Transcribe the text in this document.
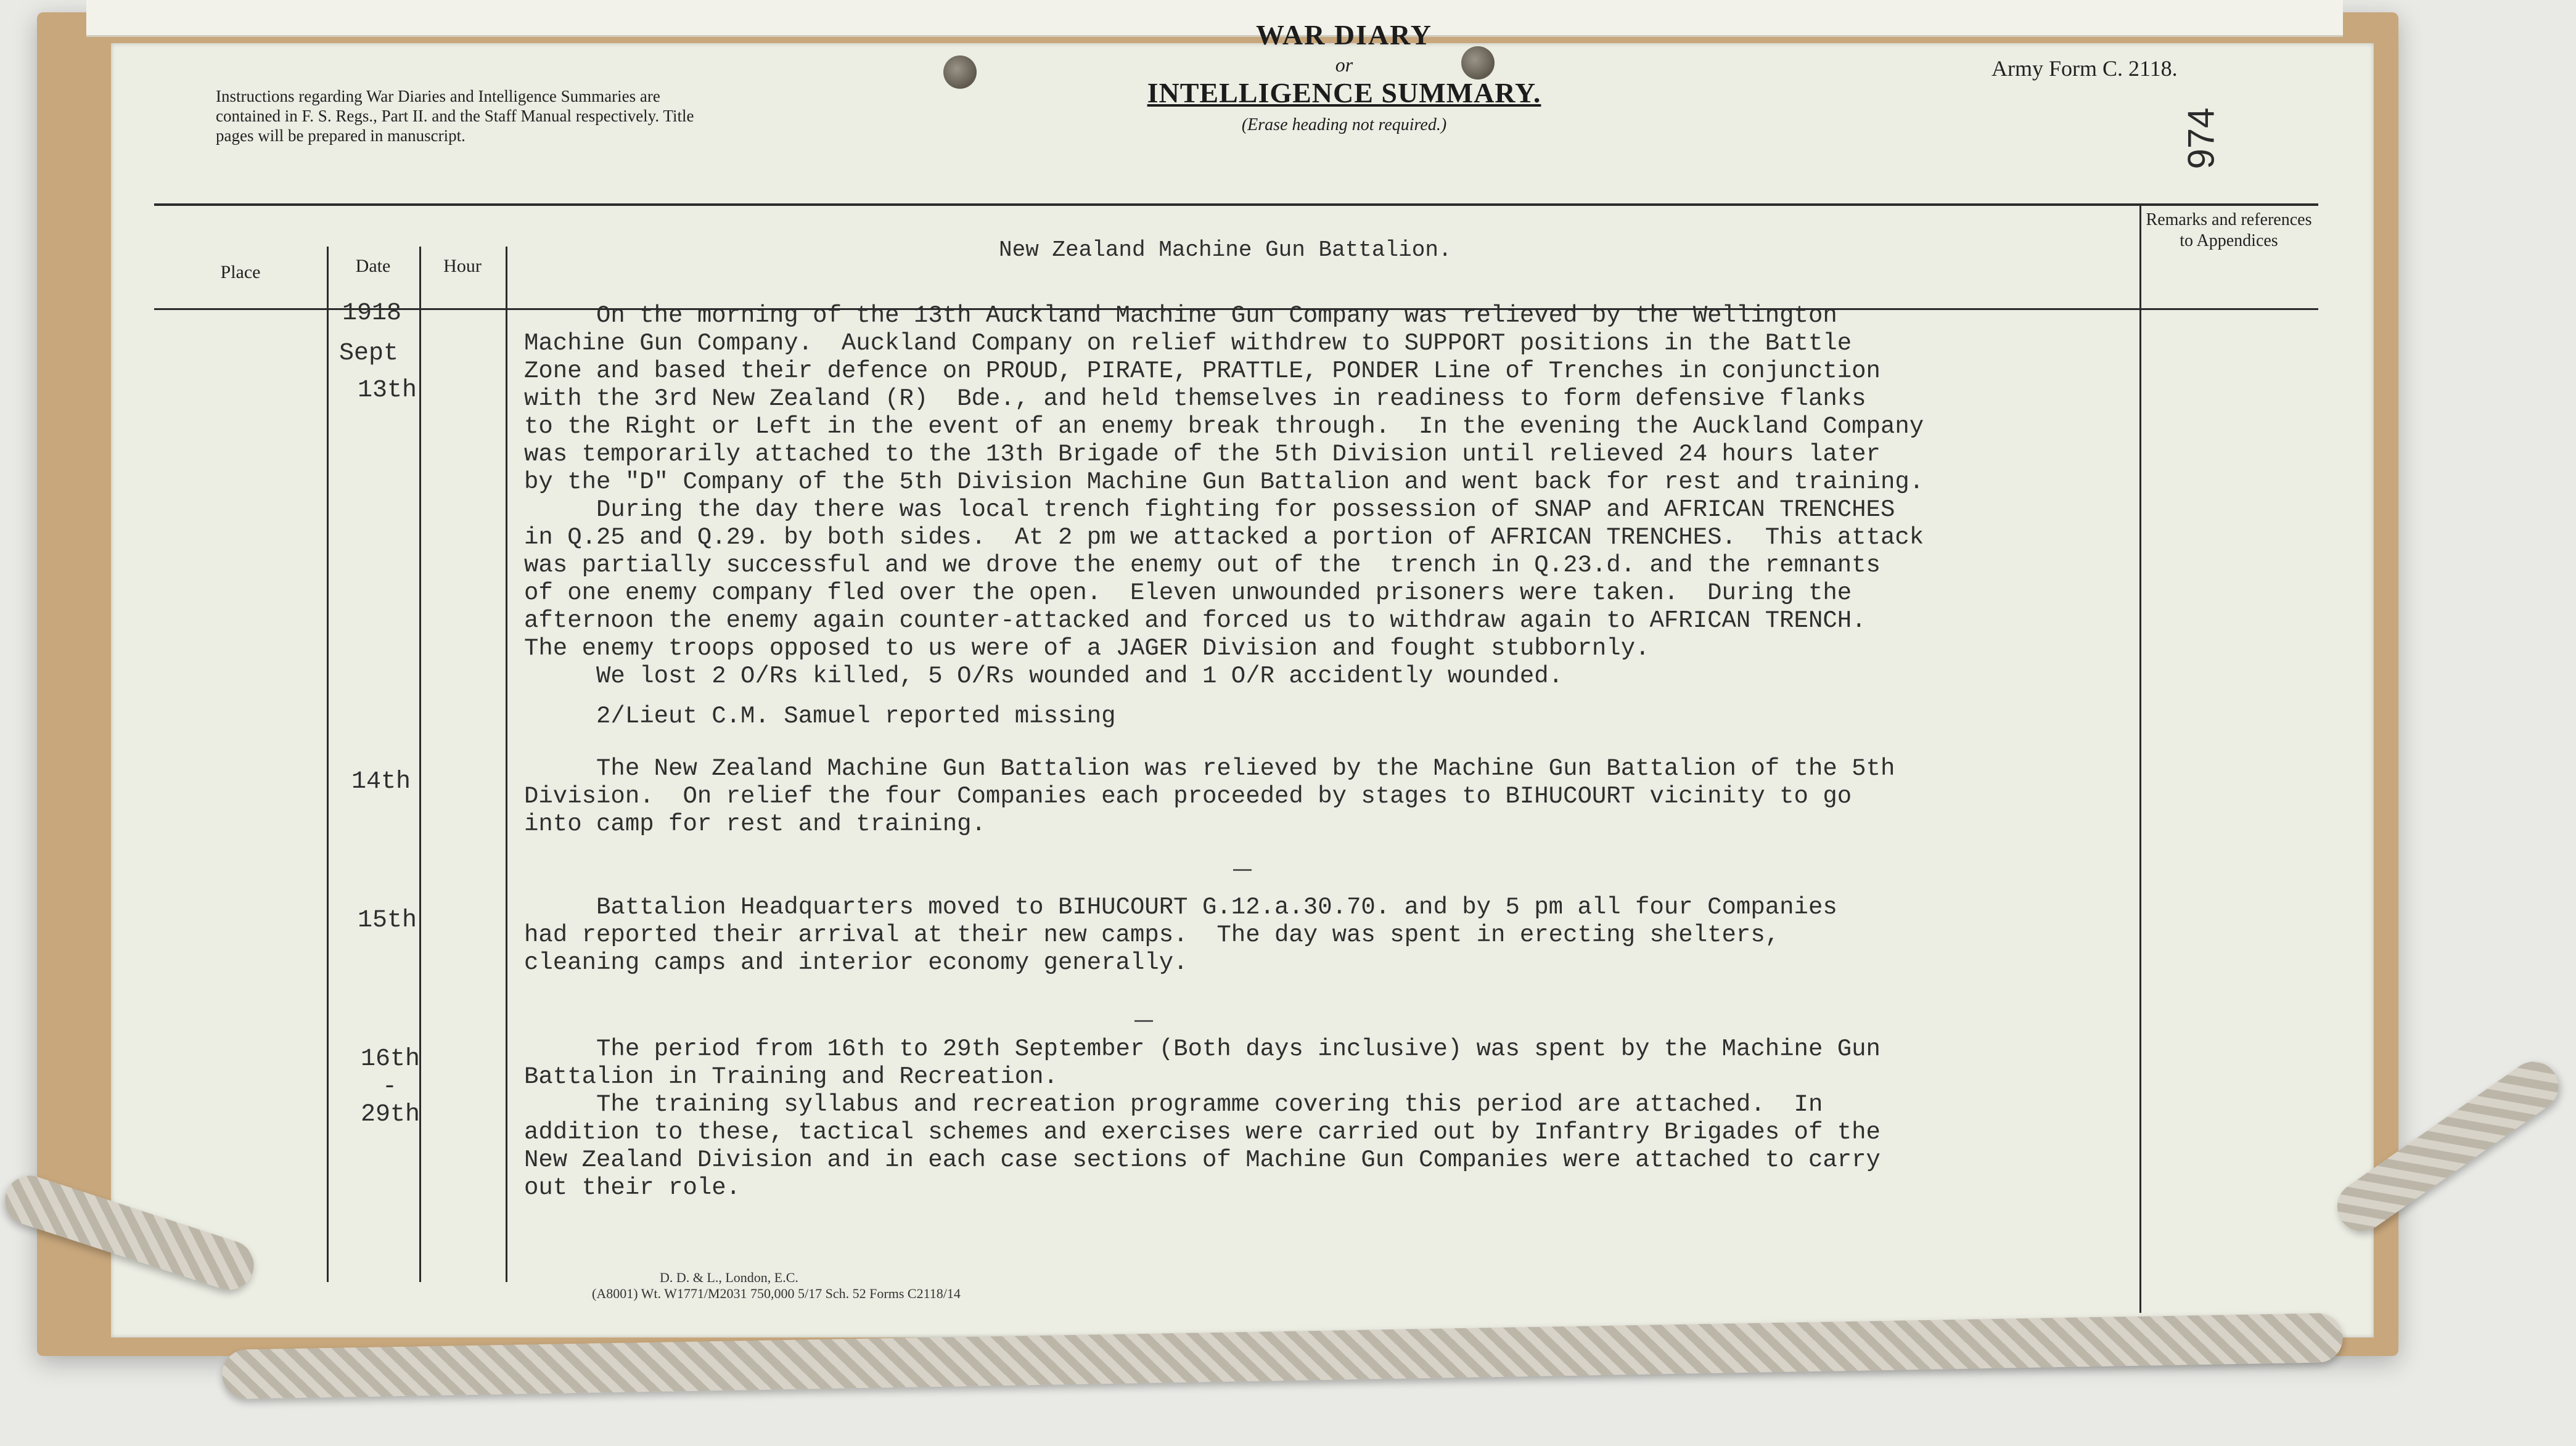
WAR DIARY
or
INTELLIGENCE SUMMARY.
(Erase heading not required.)
Instructions regarding War Diaries and Intelligence Summaries are contained in F. S. Regs., Part II. and the Staff Manual respectively. Title pages will be prepared in manuscript.
Army Form C. 2118.
974
Place	Date	Hour
New Zealand Machine Gun Battalion.
Remarks and references to Appendices
1918
Sept
13th
14th
15th
16th
-
29th
On the morning of the 13th Auckland Machine Gun Company was relieved by the Wellington
Machine Gun Company.  Auckland Company on relief withdrew to SUPPORT positions in the Battle
Zone and based their defence on PROUD, PIRATE, PRATTLE, PONDER Line of Trenches in conjunction
with the 3rd New Zealand (R)  Bde., and held themselves in readiness to form defensive flanks
to the Right or Left in the event of an enemy break through.  In the evening the Auckland Company
was temporarily attached to the 13th Brigade of the 5th Division until relieved 24 hours later
by the "D" Company of the 5th Division Machine Gun Battalion and went back for rest and training.
During the day there was local trench fighting for possession of SNAP and AFRICAN TRENCHES
in Q.25 and Q.29. by both sides.  At 2 pm we attacked a portion of AFRICAN TRENCHES.  This attack
was partially successful and we drove the enemy out of the  trench in Q.23.d. and the remnants
of one enemy company fled over the open.  Eleven unwounded prisoners were taken.  During the
afternoon the enemy again counter-attacked and forced us to withdraw again to AFRICAN TRENCH.
The enemy troops opposed to us were of a JAGER Division and fought stubbornly.
We lost 2 O/Rs killed, 5 O/Rs wounded and 1 O/R accidently wounded.
2/Lieut C.M. Samuel reported missing
The New Zealand Machine Gun Battalion was relieved by the Machine Gun Battalion of the 5th
Division.  On relief the four Companies each proceeded by stages to BIHUCOURT vicinity to go
into camp for rest and training.
Battalion Headquarters moved to BIHUCOURT G.12.a.30.70. and by 5 pm all four Companies
had reported their arrival at their new camps.  The day was spent in erecting shelters,
cleaning camps and interior economy generally.
The period from 16th to 29th September (Both days inclusive) was spent by the Machine Gun
Battalion in Training and Recreation.
The training syllabus and recreation programme covering this period are attached.  In
addition to these, tactical schemes and exercises were carried out by Infantry Brigades of the
New Zealand Division and in each case sections of Machine Gun Companies were attached to carry
out their role.
D. D. & L., London, E.C.
(A8001) Wt. W1771/M2031 750,000 5/17 Sch. 52 Forms C2118/14
